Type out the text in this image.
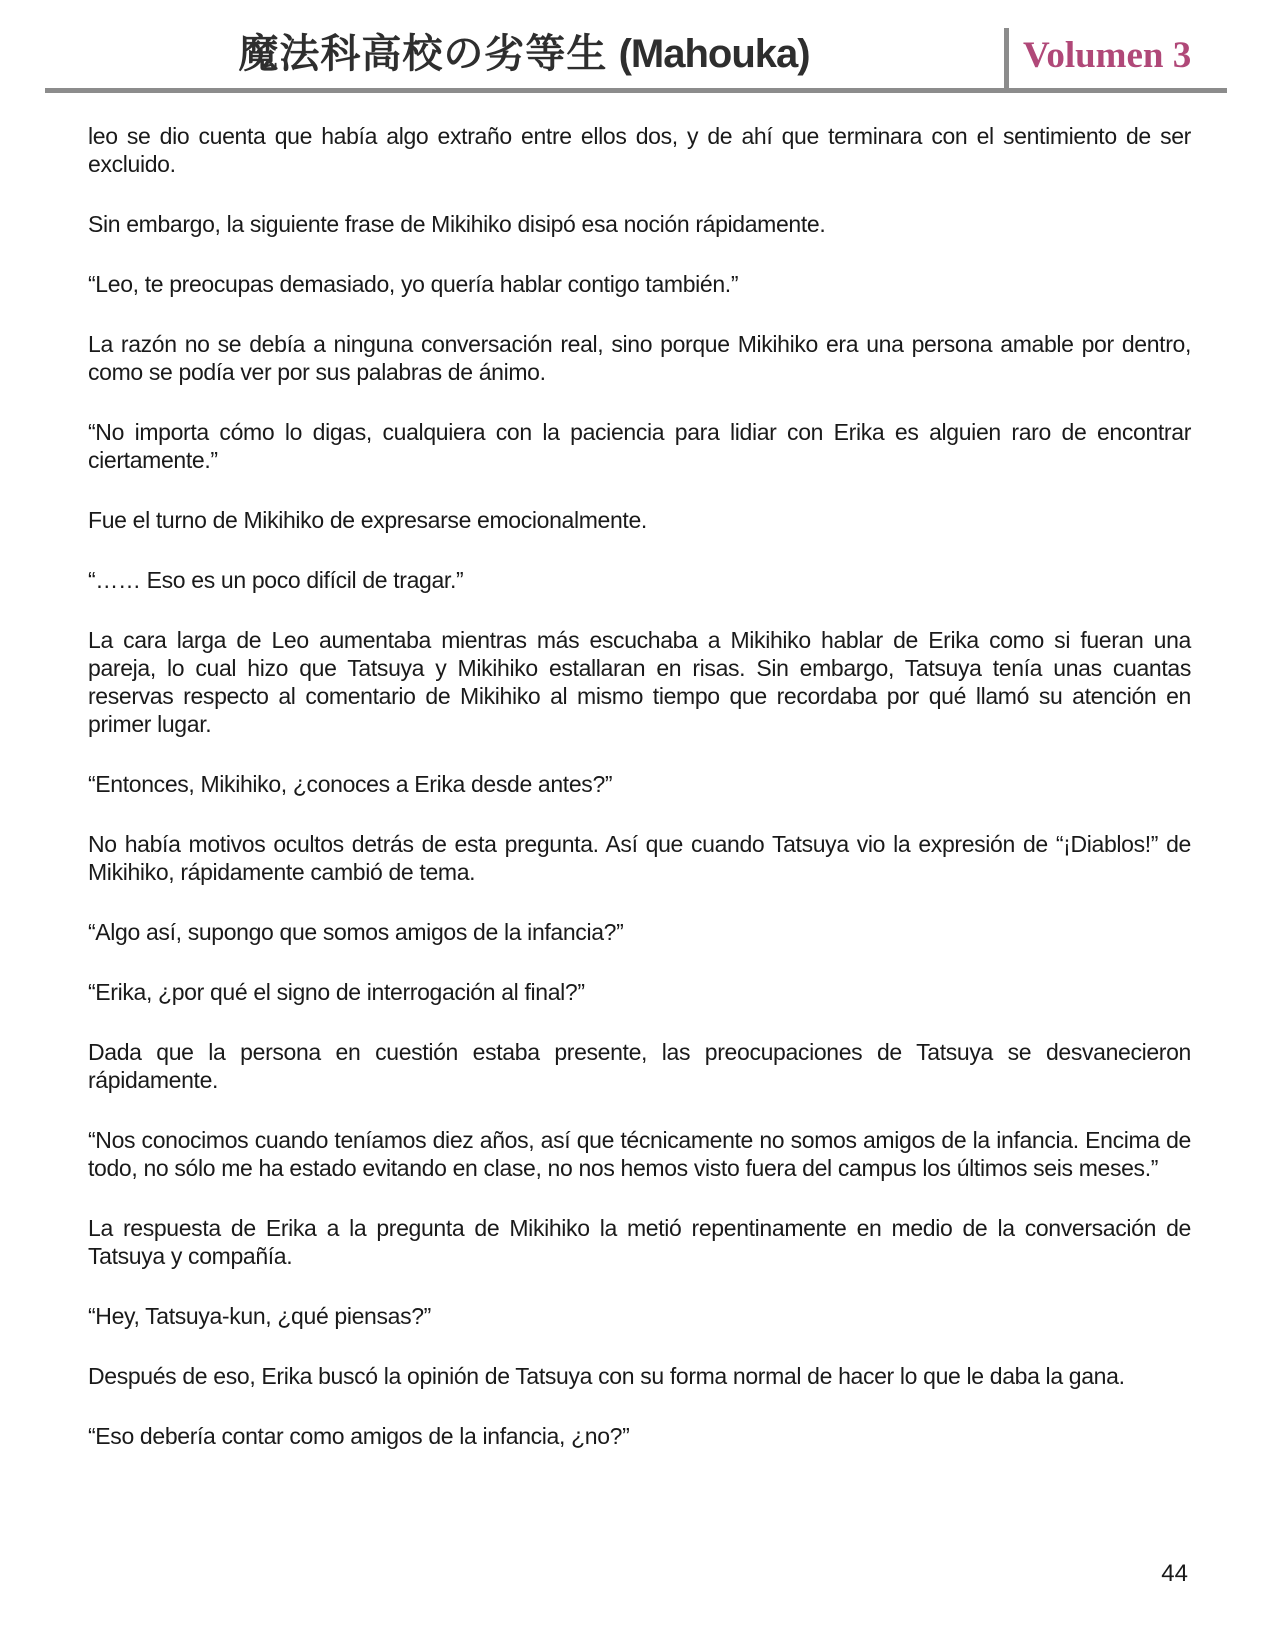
魔法科高校の劣等生 (Mahouka)	Volumen 3

leo se dio cuenta que había algo extraño entre ellos dos, y de ahí que terminara con el sentimiento de ser excluido.

Sin embargo, la siguiente frase de Mikihiko disipó esa noción rápidamente.

“Leo, te preocupas demasiado, yo quería hablar contigo también.”

La razón no se debía a ninguna conversación real, sino porque Mikihiko era una persona amable por dentro, como se podía ver por sus palabras de ánimo.

“No importa cómo lo digas, cualquiera con la paciencia para lidiar con Erika es alguien raro de encontrar ciertamente.”

Fue el turno de Mikihiko de expresarse emocionalmente.

“…… Eso es un poco difícil de tragar.”

La cara larga de Leo aumentaba mientras más escuchaba a Mikihiko hablar de Erika como si fueran una pareja, lo cual hizo que Tatsuya y Mikihiko estallaran en risas. Sin embargo, Tatsuya tenía unas cuantas reservas respecto al comentario de Mikihiko al mismo tiempo que recordaba por qué llamó su atención en primer lugar.

“Entonces, Mikihiko, ¿conoces a Erika desde antes?”

No había motivos ocultos detrás de esta pregunta. Así que cuando Tatsuya vio la expresión de “¡Diablos!” de Mikihiko, rápidamente cambió de tema.

“Algo así, supongo que somos amigos de la infancia?”

“Erika, ¿por qué el signo de interrogación al final?”

Dada que la persona en cuestión estaba presente, las preocupaciones de Tatsuya se desvanecieron rápidamente.

“Nos conocimos cuando teníamos diez años, así que técnicamente no somos amigos de la infancia. Encima de todo, no sólo me ha estado evitando en clase, no nos hemos visto fuera del campus los últimos seis meses.”

La respuesta de Erika a la pregunta de Mikihiko la metió repentinamente en medio de la conversación de Tatsuya y compañía.

“Hey, Tatsuya-kun, ¿qué piensas?”

Después de eso, Erika buscó la opinión de Tatsuya con su forma normal de hacer lo que le daba la gana.

“Eso debería contar como amigos de la infancia, ¿no?”

44
